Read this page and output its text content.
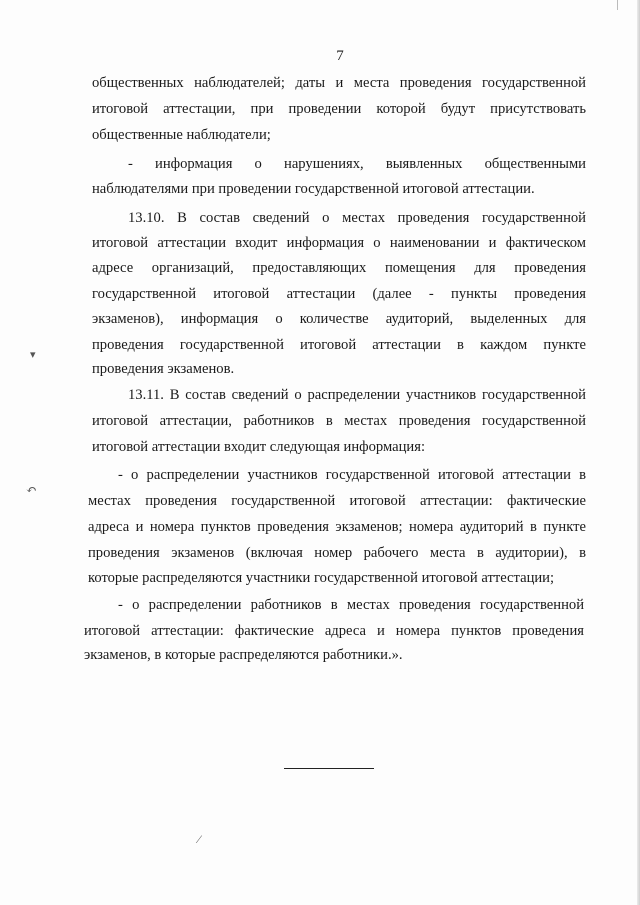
7
общественных наблюдателей; даты и места проведения государственной
итоговой аттестации, при проведении которой будут присутствовать
общественные наблюдатели;
- информация о нарушениях, выявленных общественными
наблюдателями при проведении государственной итоговой аттестации.
13.10. В состав сведений о местах проведения государственной
итоговой аттестации входит информация о наименовании и фактическом
адресе организаций, предоставляющих помещения для проведения
государственной итоговой аттестации (далее - пункты проведения
экзаменов), информация о количестве аудиторий, выделенных для
проведения государственной итоговой аттестации в каждом пункте
проведения экзаменов.
13.11. В состав сведений о распределении участников государственной
итоговой аттестации, работников в местах проведения государственной
итоговой аттестации входит следующая информация:
- о распределении участников государственной итоговой аттестации в
местах проведения государственной итоговой аттестации: фактические
адреса и номера пунктов проведения экзаменов; номера аудиторий в пункте
проведения экзаменов (включая номер рабочего места в аудитории), в
которые распределяются участники государственной итоговой аттестации;
- о распределении работников в местах проведения государственной
итоговой аттестации: фактические адреса и номера пунктов проведения
экзаменов, в которые распределяются работники.».
▾
↶
⁄
